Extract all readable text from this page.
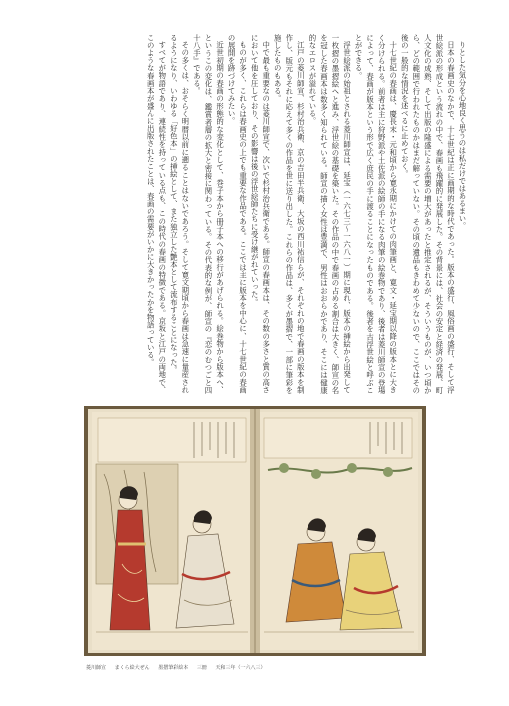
りとした気分を心地良く思うのは私だけではあるまい。

日本の春画史のなかで、十七世紀は正に画期的な時代であった。版本の盛行、風俗画の盛行、そして浮世絵派の形成という流れの中で、春画も飛躍的に発展した。その背景には、社会の安定と経済の発展、町人文化の成熟、そして出版の隆盛による需要の増大があったと推定されるが、そういうものが、いつ頃から、どの範囲で行われたものかはまだ解っていない。その頃の遺品もきわめて少ないので、ここではその後の一般的な情況を述べるに止めておく。

十七世紀の春画は、慶長末・元和頃から寛永期にかけての肉筆画と、寛文・延宝期以降の版本とに大きく分けられる。前者は主に狩野派や土佐派の絵師の手になる肉筆の絵巻物であり、後者は菱川師宣の登場によって、春画が版本という形で広く庶民の手に渡ることになったものである。後者を古浮世絵と呼ぶことができる。

浮世絵派の始祖とされる菱川師宣は、延宝（一六七三〜一六八一）期に現れ、版本の挿絵から出発して一枚摺の墨摺絵へと進み、浮世絵の基礎を築いた。その作品の中で春画の占める割合は大きく、師宣の名を冠した春画本は数多く知られている。師宣の描く女性は豊満で、男性はおおらかであり、そこには健康的なエロスが溢れている。

江戸の菱川師宣、杉村治兵衛、京の吉田半兵衛、大坂の西川祐信らが、それぞれの地で春画の版本を制作し、版元もそれに応えて多くの作品を世に送り出した。これらの作品は、多くが墨摺で、一部に筆彩を施したものもある。

中で最も重要なのは菱川師宣で、次いで杉村治兵衛である。師宣の春画本は、その数の多さと質の高さにおいて他を圧しており、その影響は後の浮世絵師たちに受け継がれていった。

ものが多く、これらは春画史の上でも重要な作品である。ここでは主に版本を中心に、十七世紀の春画の展開を跡づけてみたい。

近世初期の春画の形態的な変化として、巻子本から冊子本への移行があげられる。絵巻物から版本へ、というこの変化は、鑑賞者層の拡大と密接に関わっている。その代表的な例が、師宣の『恋のむつごと四十八手』である。

その多くは、おそらく明暦以前に遡ることはないであろう。そして寛文期頃から春画は急速に量産されるようになり、いわゆる「好色本」の挿絵として、また独立した艶本として流布することになった。

すべてが物語であり、連続性を持っている点も、この時代の春画の特徴である。京坂と江戸の両地で、このような春画本が盛んに出版されたことは、春画の需要がいかに大きかったかを物語っている。

菱川師宣 まくら絵大ぜん 墨摺筆彩絵本 三冊 天和三年（一六八三）
